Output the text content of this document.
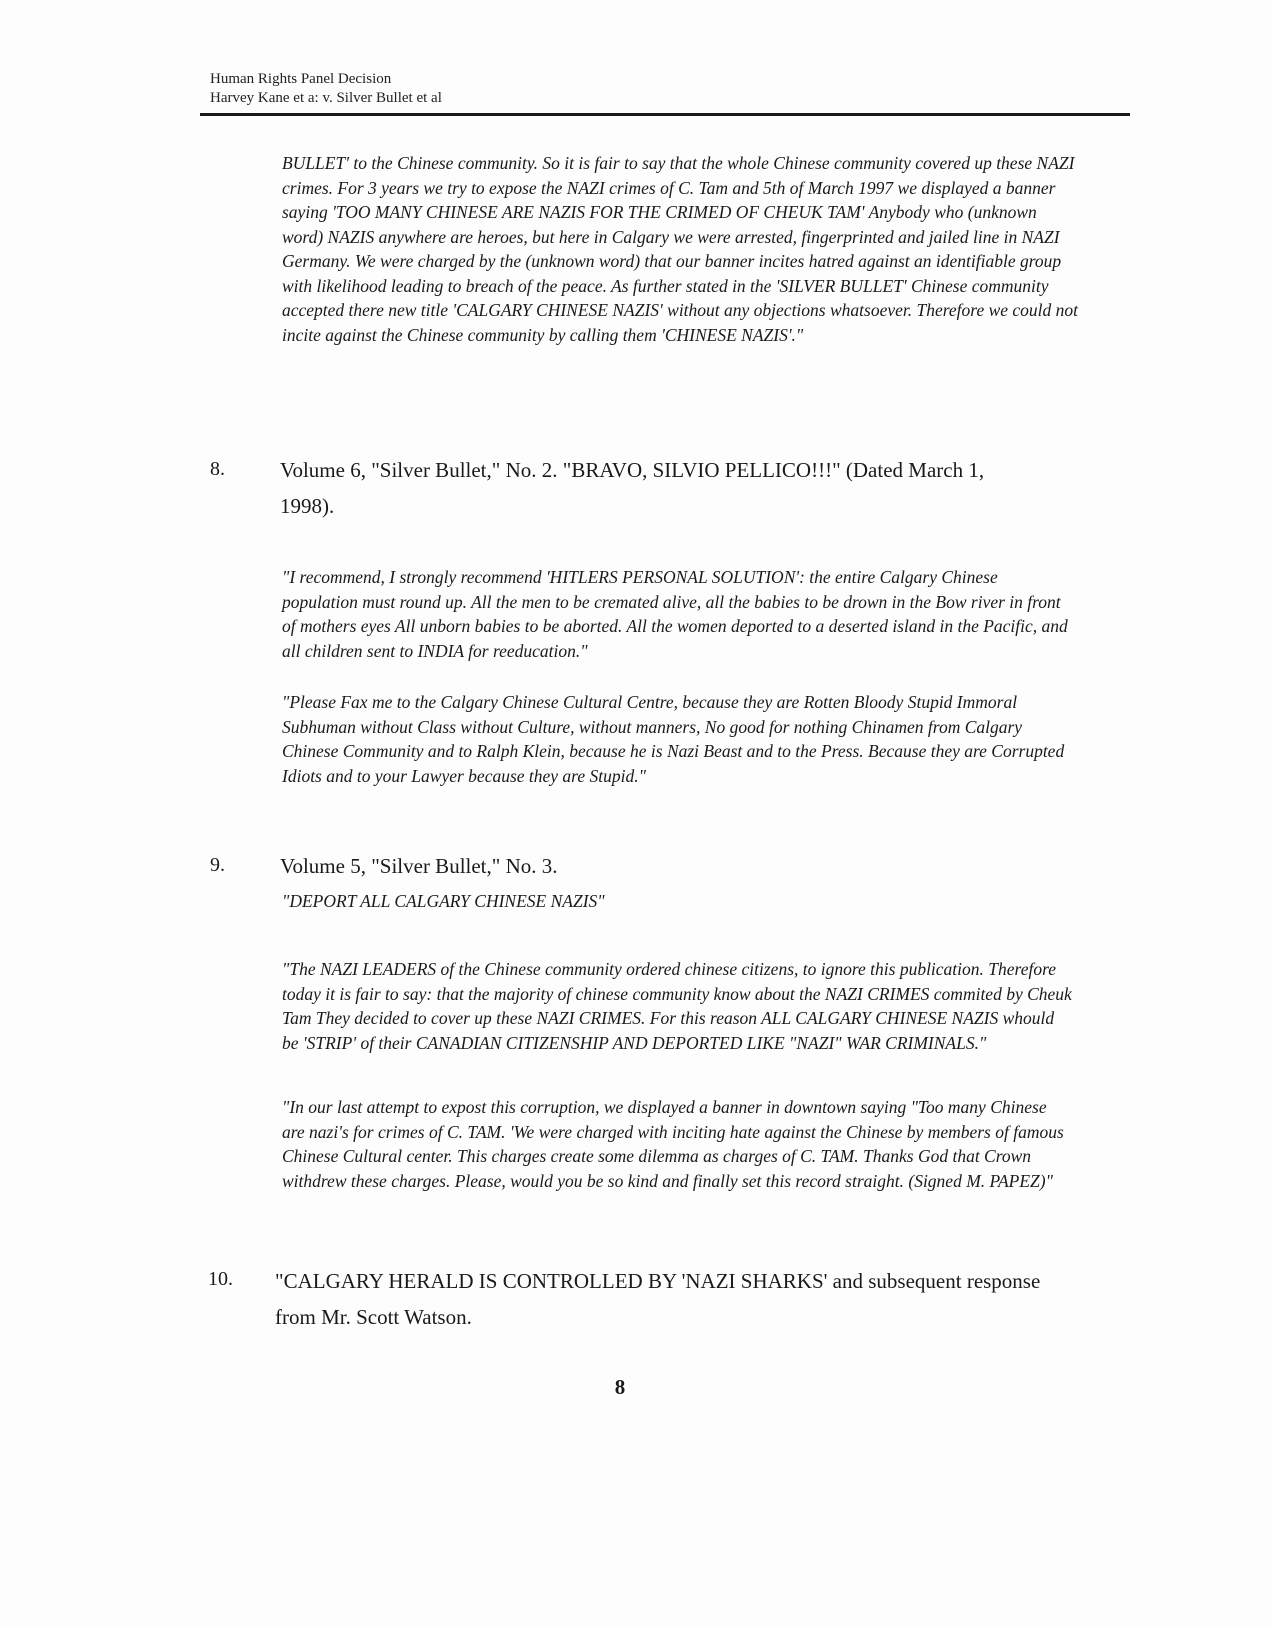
Human Rights Panel Decision
Harvey Kane et a: v. Silver Bullet et al

BULLET' to the Chinese community. So it is fair to say that the whole Chinese community covered up these NAZI crimes. For 3 years we try to expose the NAZI crimes of C. Tam and 5th of March 1997 we displayed a banner saying 'TOO MANY CHINESE ARE NAZIS FOR THE CRIMED OF CHEUK TAM' Anybody who (unknown word) NAZIS anywhere are heroes, but here in Calgary we were arrested, fingerprinted and jailed line in NAZI Germany. We were charged by the (unknown word) that our banner incites hatred against an identifiable group with likelihood leading to breach of the peace. As further stated in the 'SILVER BULLET' Chinese community accepted there new title 'CALGARY CHINESE NAZIS' without any objections whatsoever. Therefore we could not incite against the Chinese community by calling them 'CHINESE NAZIS'."

8.	Volume 6, "Silver Bullet," No. 2. "BRAVO, SILVIO PELLICO!!!" (Dated March 1, 1998).

"I recommend, I strongly recommend 'HITLERS PERSONAL SOLUTION': the entire Calgary Chinese population must round up. All the men to be cremated alive, all the babies to be drown in the Bow river in front of mothers eyes All unborn babies to be aborted. All the women deported to a deserted island in the Pacific, and all children sent to INDIA for reeducation."

"Please Fax me to the Calgary Chinese Cultural Centre, because they are Rotten Bloody Stupid Immoral Subhuman without Class without Culture, without manners, No good for nothing Chinamen from Calgary Chinese Community and to Ralph Klein, because he is Nazi Beast and to the Press. Because they are Corrupted Idiots and to your Lawyer because they are Stupid."

9.	Volume 5, "Silver Bullet," No. 3.

"DEPORT ALL CALGARY CHINESE NAZIS"

"The NAZI LEADERS of the Chinese community ordered chinese citizens, to ignore this publication. Therefore today it is fair to say: that the majority of chinese community know about the NAZI CRIMES commited by Cheuk Tam They decided to cover up these NAZI CRIMES. For this reason ALL CALGARY CHINESE NAZIS whould be 'STRIP' of their CANADIAN CITIZENSHIP AND DEPORTED LIKE "NAZI" WAR CRIMINALS."

"In our last attempt to expost this corruption, we displayed a banner in downtown saying "Too many Chinese are nazi's for crimes of C. TAM. 'We were charged with inciting hate against the Chinese by members of famous Chinese Cultural center. This charges create some dilemma as charges of C. TAM. Thanks God that Crown withdrew these charges. Please, would you be so kind and finally set this record straight. (Signed M. PAPEZ)"

10. "CALGARY HERALD IS CONTROLLED BY 'NAZI SHARKS' and subsequent response from Mr. Scott Watson.

8
